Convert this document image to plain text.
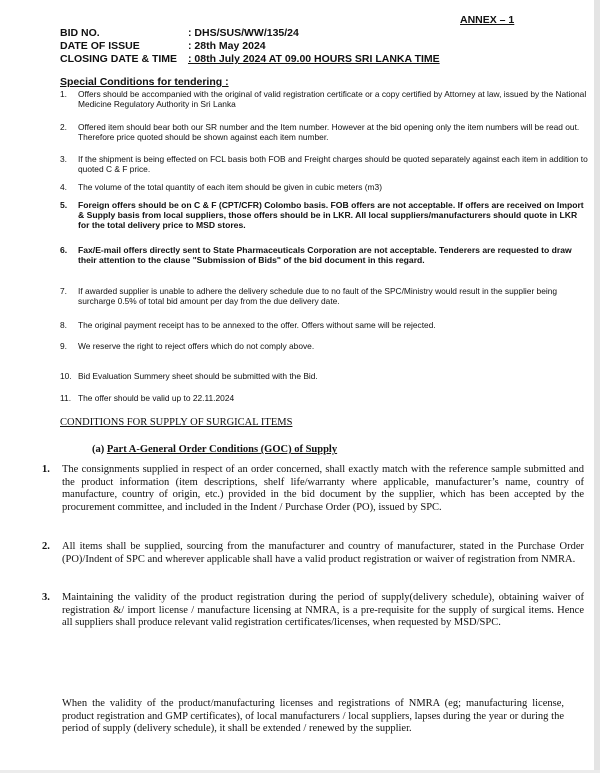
ANNEX – 1
BID NO.	: DHS/SUS/WW/135/24
DATE OF ISSUE	: 28th May 2024
CLOSING DATE & TIME : 08th July 2024 AT 09.00 HOURS SRI LANKA TIME
Special Conditions for tendering :
1. Offers should be accompanied with the original of valid registration certificate or a copy certified by Attorney at law, issued by the National Medicine Regulatory Authority in Sri Lanka
2. Offered item should bear both our SR number and the Item number. However at the bid opening only the item numbers will be read out. Therefore price quoted should be shown against each item number.
3. If the shipment is being effected on FCL basis both FOB and Freight charges should be quoted separately against each item in addition to quoted C & F price.
4. The volume of the total quantity of each item should be given in cubic meters (m3)
5. Foreign offers should be on C & F (CPT/CFR) Colombo basis. FOB offers are not acceptable. If offers are received on Import & Supply basis from local suppliers, those offers should be in LKR. All local suppliers/manufacturers should quote in LKR for the total delivery price to MSD stores.
6. Fax/E-mail offers directly sent to State Pharmaceuticals Corporation are not acceptable. Tenderers are requested to draw their attention to the clause "Submission of Bids" of the bid document in this regard.
7. If awarded supplier is unable to adhere the delivery schedule due to no fault of the SPC/Ministry would result in the supplier being surcharge 0.5% of total bid amount per day from the due delivery date.
8. The original payment receipt has to be annexed to the offer. Offers without same will be rejected.
9. We reserve the right to reject offers which do not comply above.
10. Bid Evaluation Summery sheet should be submitted with the Bid.
11. The offer should be valid up to 22.11.2024
CONDITIONS FOR SUPPLY OF SURGICAL ITEMS
(a) Part A-General Order Conditions (GOC) of Supply
1. The consignments supplied in respect of an order concerned, shall exactly match with the reference sample submitted and the product information (item descriptions, shelf life/warranty where applicable, manufacturer’s name, country of manufacture, country of origin, etc.) provided in the bid document by the supplier, which has been accepted by the procurement committee, and included in the Indent / Purchase Order (PO), issued by SPC.
2. All items shall be supplied, sourcing from the manufacturer and country of manufacturer, stated in the Purchase Order (PO)/Indent of SPC and wherever applicable shall have a valid product registration or waiver of registration from NMRA.
3. Maintaining the validity of the product registration during the period of supply(delivery schedule), obtaining waiver of registration &/ import license / manufacture licensing at NMRA, is a pre-requisite for the supply of surgical items. Hence all suppliers shall produce relevant valid registration certificates/licenses, when requested by MSD/SPC.
When the validity of the product/manufacturing licenses and registrations of NMRA (eg; manufacturing license, product registration and GMP certificates), of local manufacturers / local suppliers, lapses during the year or during the period of supply (delivery schedule), it shall be extended / renewed by the supplier.
